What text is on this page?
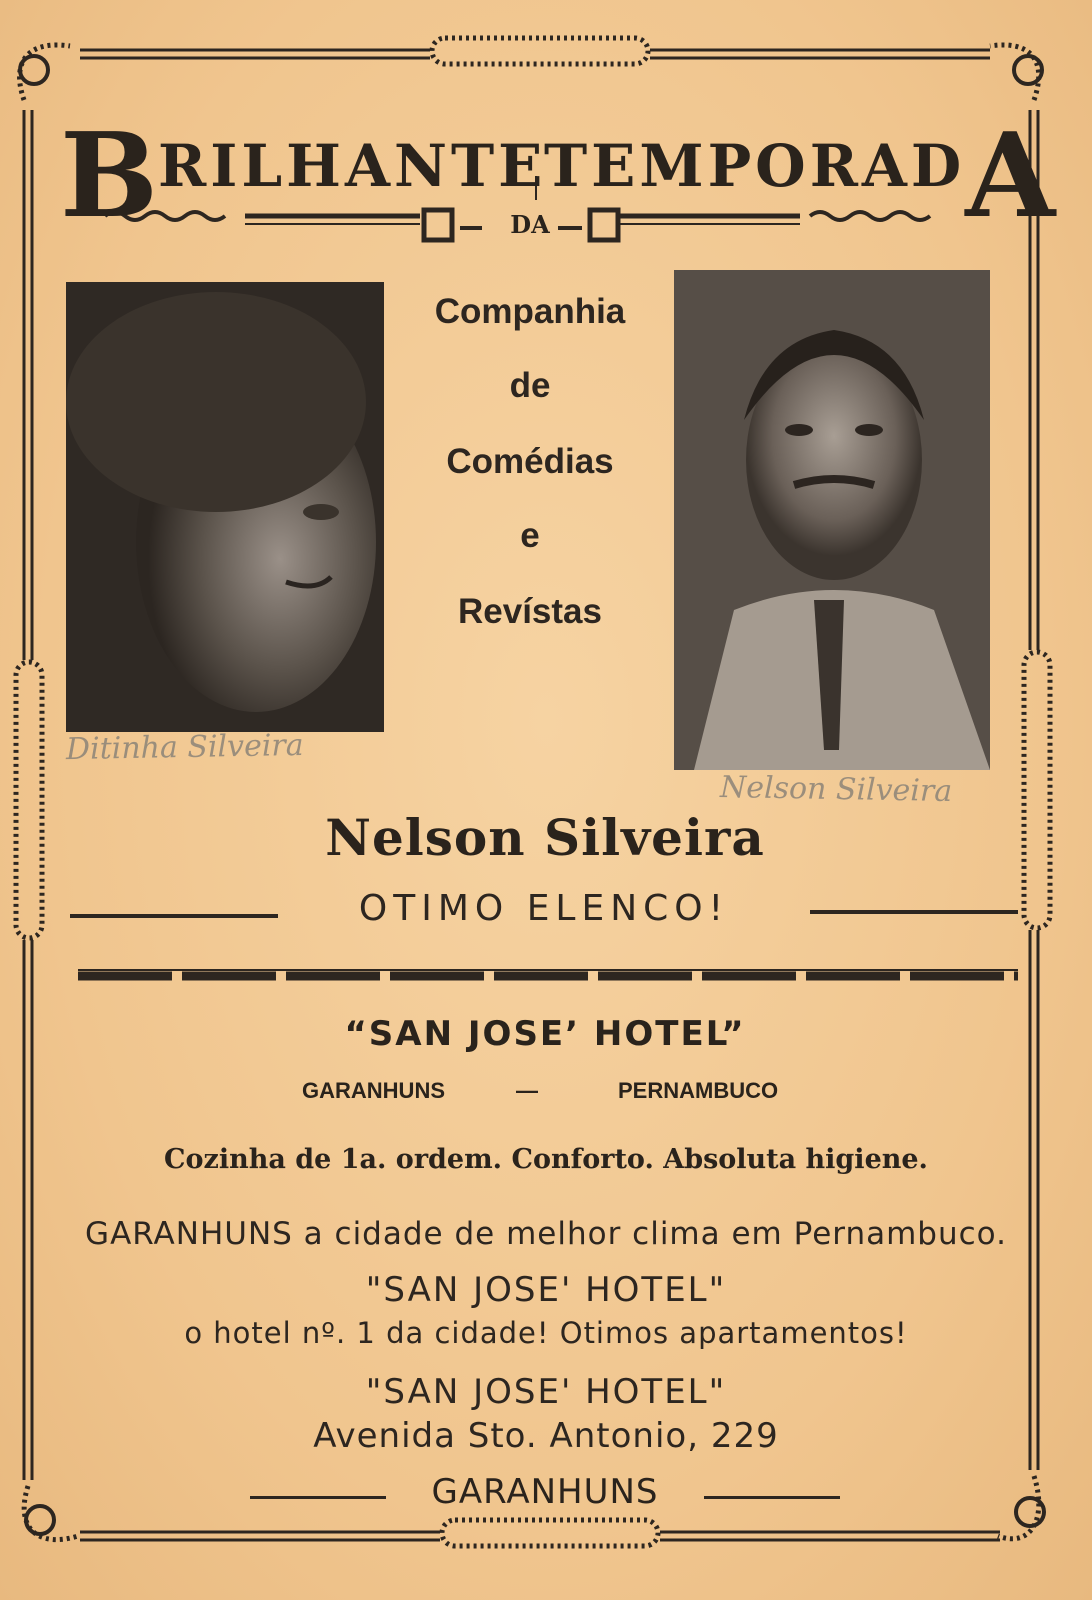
BRILHANTE
TEMPORADA
DA
Ditinha Silveira
Nelson Silveira
Companhia
de
Comédias
e
Revístas
Nelson Silveira
OTIMO ELENCO!
“SAN JOSE’ HOTEL”
GARANHUNS	—	PERNAMBUCO
Cozinha de 1a. ordem. Conforto. Absoluta higiene.
GARANHUNS a cidade de melhor clima em Pernambuco.
"SAN JOSE' HOTEL"
o hotel nº. 1 da cidade! Otimos apartamentos!
"SAN JOSE' HOTEL"
Avenida Sto. Antonio, 229
GARANHUNS
